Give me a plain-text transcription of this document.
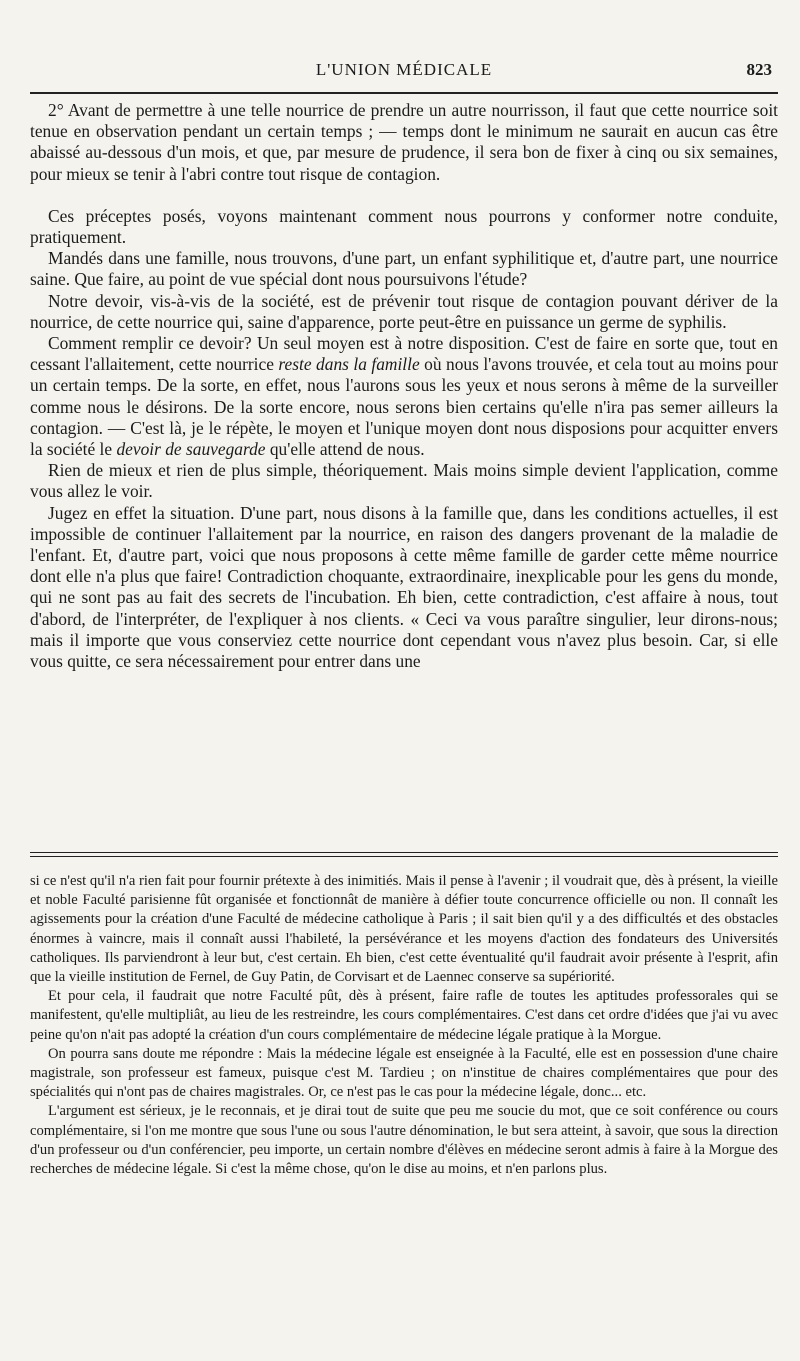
L'UNION MÉDICALE	823

2° Avant de permettre à une telle nourrice de prendre un autre nourrisson, il faut que cette nourrice soit tenue en observation pendant un certain temps ; — temps dont le minimum ne saurait en aucun cas être abaissé au-dessous d'un mois, et que, par mesure de prudence, il sera bon de fixer à cinq ou six semaines, pour mieux se tenir à l'abri contre tout risque de contagion.

Ces préceptes posés, voyons maintenant comment nous pourrons y conformer notre conduite, pratiquement.

Mandés dans une famille, nous trouvons, d'une part, un enfant syphilitique et, d'autre part, une nourrice saine. Que faire, au point de vue spécial dont nous poursuivons l'étude?

Notre devoir, vis-à-vis de la société, est de prévenir tout risque de contagion pouvant dériver de la nourrice, de cette nourrice qui, saine d'apparence, porte peut-être en puissance un germe de syphilis.

Comment remplir ce devoir? Un seul moyen est à notre disposition. C'est de faire en sorte que, tout en cessant l'allaitement, cette nourrice reste dans la famille où nous l'avons trouvée, et cela tout au moins pour un certain temps. De la sorte, en effet, nous l'aurons sous les yeux et nous serons à même de la surveiller comme nous le désirons. De la sorte encore, nous serons bien certains qu'elle n'ira pas semer ailleurs la contagion. — C'est là, je le répète, le moyen et l'unique moyen dont nous disposions pour acquitter envers la société le devoir de sauvegarde qu'elle attend de nous.

Rien de mieux et rien de plus simple, théoriquement. Mais moins simple devient l'application, comme vous allez le voir.

Jugez en effet la situation. D'une part, nous disons à la famille que, dans les conditions actuelles, il est impossible de continuer l'allaitement par la nourrice, en raison des dangers provenant de la maladie de l'enfant. Et, d'autre part, voici que nous proposons à cette même famille de garder cette même nourrice dont elle n'a plus que faire! Contradiction choquante, extraordinaire, inexplicable pour les gens du monde, qui ne sont pas au fait des secrets de l'incubation. Eh bien, cette contradiction, c'est affaire à nous, tout d'abord, de l'interpréter, de l'expliquer à nos clients. « Ceci va vous paraître singulier, leur dirons-nous; mais il importe que vous conserviez cette nourrice dont cependant vous n'avez plus besoin. Car, si elle vous quitte, ce sera nécessairement pour entrer dans une

si ce n'est qu'il n'a rien fait pour fournir prétexte à des inimitiés. Mais il pense à l'avenir ; il voudrait que, dès à présent, la vieille et noble Faculté parisienne fût organisée et fonctionnât de manière à défier toute concurrence officielle ou non. Il connaît les agissements pour la création d'une Faculté de médecine catholique à Paris ; il sait bien qu'il y a des difficultés et des obstacles énormes à vaincre, mais il connaît aussi l'habileté, la persévérance et les moyens d'action des fondateurs des Universités catholiques. Ils parviendront à leur but, c'est certain. Eh bien, c'est cette éventualité qu'il faudrait avoir présente à l'esprit, afin que la vieille institution de Fernel, de Guy Patin, de Corvisart et de Laennec conserve sa supériorité.

Et pour cela, il faudrait que notre Faculté pût, dès à présent, faire rafle de toutes les aptitudes professorales qui se manifestent, qu'elle multipliât, au lieu de les restreindre, les cours complémentaires. C'est dans cet ordre d'idées que j'ai vu avec peine qu'on n'ait pas adopté la création d'un cours complémentaire de médecine légale pratique à la Morgue.

On pourra sans doute me répondre : Mais la médecine légale est enseignée à la Faculté, elle est en possession d'une chaire magistrale, son professeur est fameux, puisque c'est M. Tardieu ; on n'institue de chaires complémentaires que pour des spécialités qui n'ont pas de chaires magistrales. Or, ce n'est pas le cas pour la médecine légale, donc... etc.

L'argument est sérieux, je le reconnais, et je dirai tout de suite que peu me soucie du mot, que ce soit conférence ou cours complémentaire, si l'on me montre que sous l'une ou sous l'autre dénomination, le but sera atteint, à savoir, que sous la direction d'un professeur ou d'un conférencier, peu importe, un certain nombre d'élèves en médecine seront admis à faire à la Morgue des recherches de médecine légale. Si c'est la même chose, qu'on le dise au moins, et n'en parlons plus.
